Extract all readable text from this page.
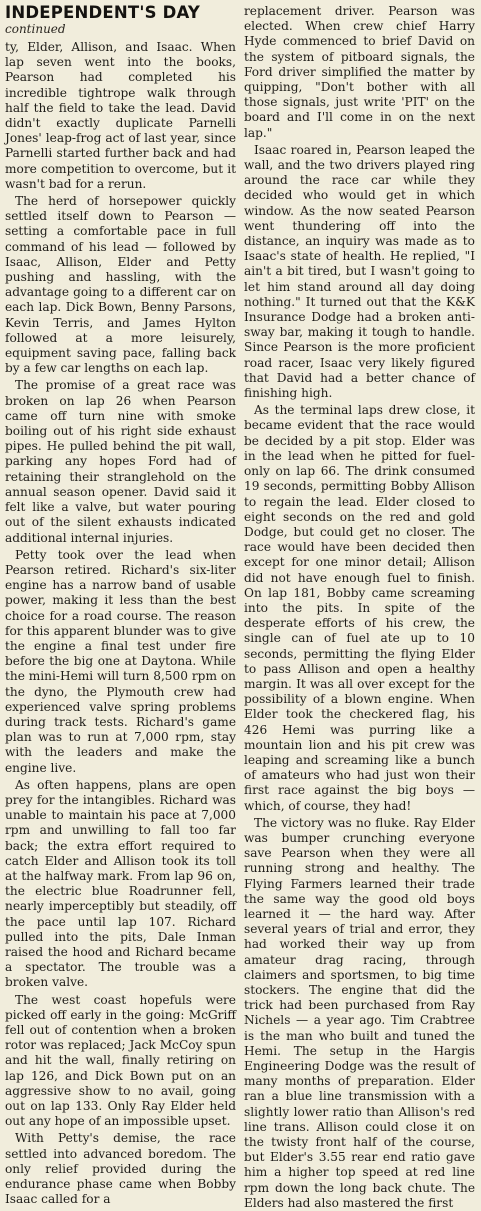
INDEPENDENT'S DAY
continued

ty, Elder, Allison, and Isaac. When lap seven went into the books, Pearson had completed his incredible tightrope walk through half the field to take the lead. David didn't exactly duplicate Parnelli Jones' leap-frog act of last year, since Parnelli started further back and had more competition to overcome, but it wasn't bad for a rerun.

The herd of horsepower quickly settled itself down to Pearson — setting a comfortable pace in full command of his lead — followed by Isaac, Allison, Elder and Petty pushing and hassling, with the advantage going to a different car on each lap. Dick Bown, Benny Parsons, Kevin Terris, and James Hylton followed at a more leisurely, equipment saving pace, falling back by a few car lengths on each lap.

The promise of a great race was broken on lap 26 when Pearson came off turn nine with smoke boiling out of his right side exhaust pipes. He pulled behind the pit wall, parking any hopes Ford had of retaining their stranglehold on the annual season opener. David said it felt like a valve, but water pouring out of the silent exhausts indicated additional internal injuries.

Petty took over the lead when Pearson retired. Richard's six-liter engine has a narrow band of usable power, making it less than the best choice for a road course. The reason for this apparent blunder was to give the engine a final test under fire before the big one at Daytona. While the mini-Hemi will turn 8,500 rpm on the dyno, the Plymouth crew had experienced valve spring problems during track tests. Richard's game plan was to run at 7,000 rpm, stay with the leaders and make the engine live.

As often happens, plans are open prey for the intangibles. Richard was unable to maintain his pace at 7,000 rpm and unwilling to fall too far back; the extra effort required to catch Elder and Allison took its toll at the halfway mark. From lap 96 on, the electric blue Roadrunner fell, nearly imperceptibly but steadily, off the pace until lap 107. Richard pulled into the pits, Dale Inman raised the hood and Richard became a spectator. The trouble was a broken valve.

The west coast hopefuls were picked off early in the going: McGriff fell out of contention when a broken rotor was replaced; Jack McCoy spun and hit the wall, finally retiring on lap 126, and Dick Bown put on an aggressive show to no avail, going out on lap 133. Only Ray Elder held out any hope of an impossible upset.

With Petty's demise, the race settled into advanced boredom. The only relief provided during the endurance phase came when Bobby Isaac called for a

replacement driver. Pearson was elected. When crew chief Harry Hyde commenced to brief David on the system of pitboard signals, the Ford driver simplified the matter by quipping, "Don't bother with all those signals, just write 'PIT' on the board and I'll come in on the next lap."

Isaac roared in, Pearson leaped the wall, and the two drivers played ring around the race car while they decided who would get in which window. As the now seated Pearson went thundering off into the distance, an inquiry was made as to Isaac's state of health. He replied, "I ain't a bit tired, but I wasn't going to let him stand around all day doing nothing." It turned out that the K&K Insurance Dodge had a broken anti-sway bar, making it tough to handle. Since Pearson is the more proficient road racer, Isaac very likely figured that David had a better chance of finishing high.

As the terminal laps drew close, it became evident that the race would be decided by a pit stop. Elder was in the lead when he pitted for fuel-only on lap 66. The drink consumed 19 seconds, permitting Bobby Allison to regain the lead. Elder closed to eight seconds on the red and gold Dodge, but could get no closer. The race would have been decided then except for one minor detail; Allison did not have enough fuel to finish. On lap 181, Bobby came screaming into the pits. In spite of the desperate efforts of his crew, the single can of fuel ate up to 10 seconds, permitting the flying Elder to pass Allison and open a healthy margin. It was all over except for the possibility of a blown engine. When Elder took the checkered flag, his 426 Hemi was purring like a mountain lion and his pit crew was leaping and screaming like a bunch of amateurs who had just won their first race against the big boys — which, of course, they had!

The victory was no fluke. Ray Elder was bumper crunching everyone save Pearson when they were all running strong and healthy. The Flying Farmers learned their trade the same way the good old boys learned it — the hard way. After several years of trial and error, they had worked their way up from amateur drag racing, through claimers and sportsmen, to big time stockers. The engine that did the trick had been purchased from Ray Nichels — a year ago. Tim Crabtree is the man who built and tuned the Hemi. The setup in the Hargis Engineering Dodge was the result of many months of preparation. Elder ran a blue line transmission with a slightly lower ratio than Allison's red line trans. Allison could close it on the twisty front half of the course, but Elder's 3.55 rear end ratio gave him a higher top speed at red line rpm down the long back chute. The Elders had also mastered the first
